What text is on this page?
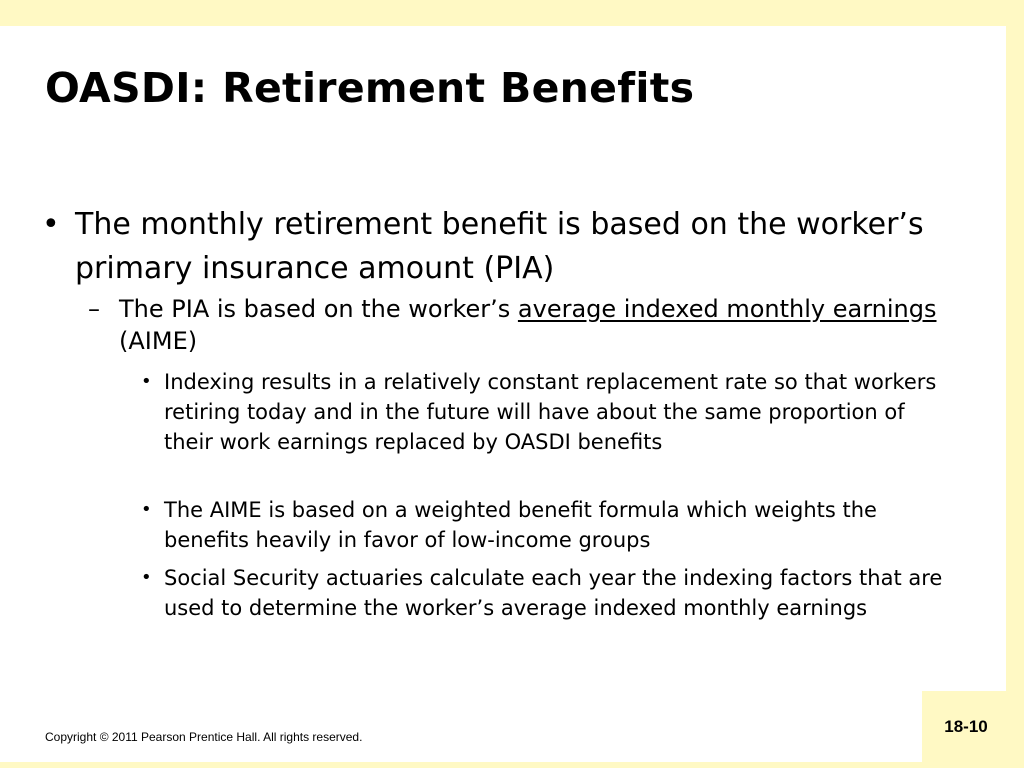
OASDI: Retirement Benefits
• The monthly retirement benefit is based on the worker’s primary insurance amount (PIA)
– The PIA is based on the worker’s average indexed monthly earnings (AIME)
• Indexing results in a relatively constant replacement rate so that workers retiring today and in the future will have about the same proportion of their work earnings replaced by OASDI benefits
• The AIME is based on a weighted benefit formula which weights the benefits heavily in favor of low-income groups
• Social Security actuaries calculate each year the indexing factors that are used to determine the worker’s average indexed monthly earnings
Copyright © 2011 Pearson Prentice Hall. All rights reserved.
18-10
